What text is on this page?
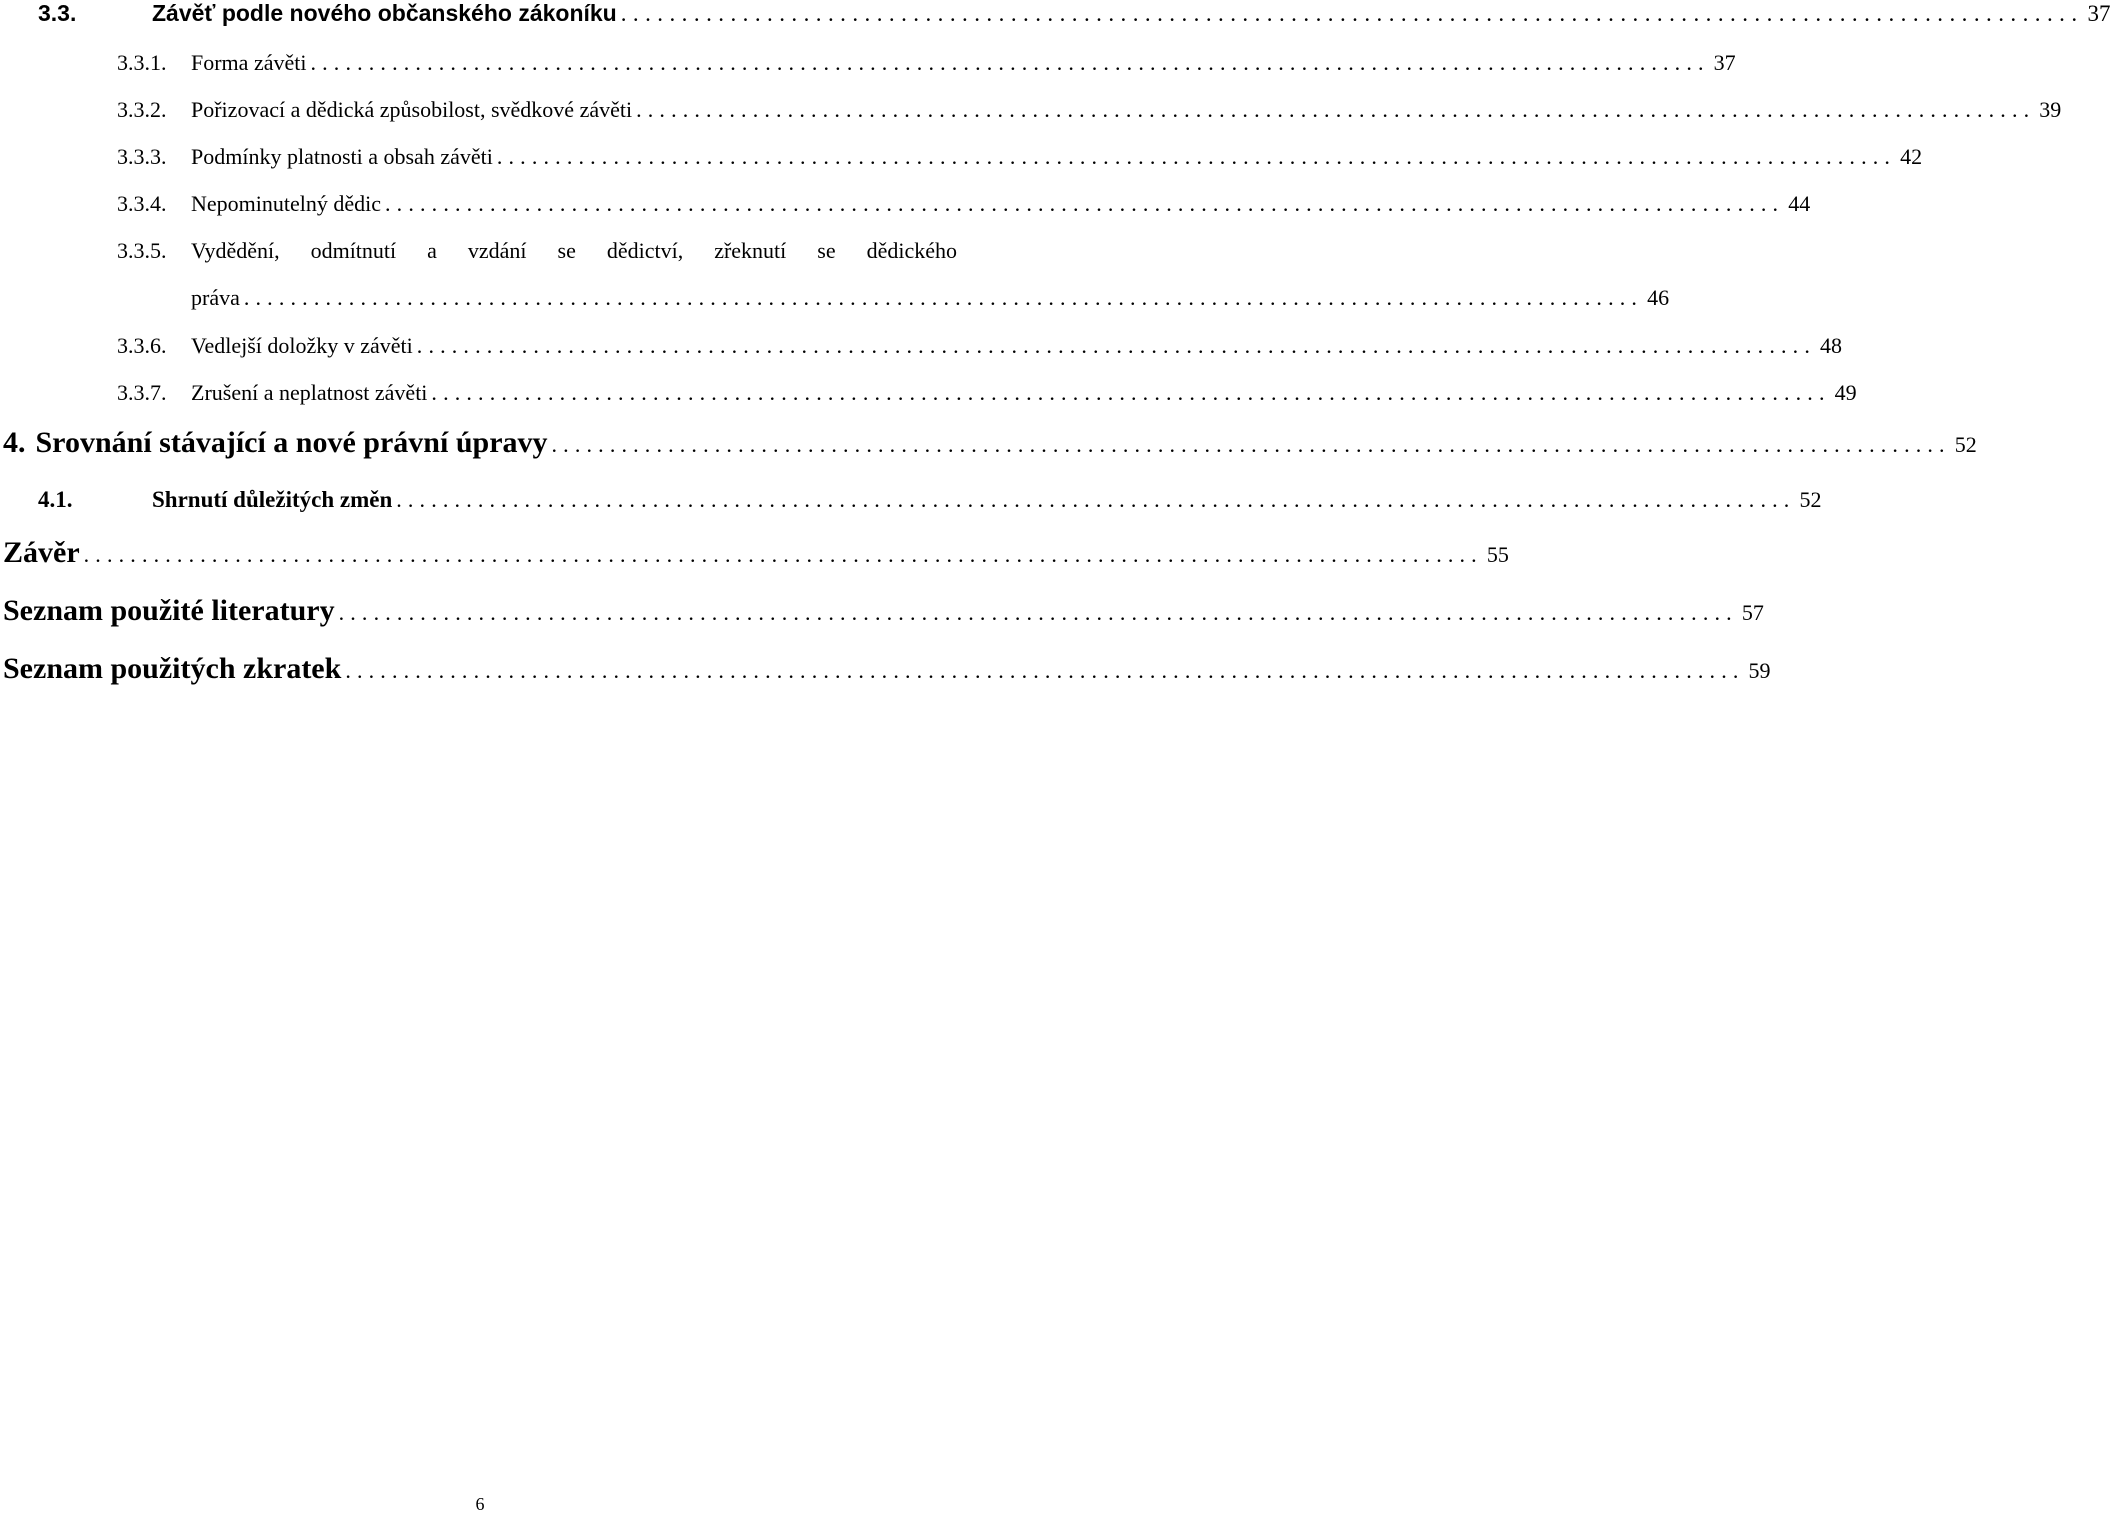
3.3.	Závěť podle nového občanského zákoníku ........................................................................................................................ 37
3.3.1.	Forma závěti ........................................................................................................................ 37
3.3.2.	Pořizovací a dědická způsobilost, svědkové závěti ........................................................................................................................ 39
3.3.3.	Podmínky platnosti a obsah závěti ........................................................................................................................ 42
3.3.4.	Nepominutelný dědic ........................................................................................................................ 44
3.3.5.	Vydědění, odmítnutí a vzdání se dědictví, zřeknutí se dědického
práva ........................................................................................................................ 46
3.3.6.	Vedlejší doložky v závěti ........................................................................................................................ 48
3.3.7.	Zrušení a neplatnost závěti ........................................................................................................................ 49
4. Srovnání stávající a nové právní úpravy ........................................................................................................................ 52
4.1.	Shrnutí důležitých změn ........................................................................................................................ 52
Závěr ........................................................................................................................ 55
Seznam použité literatury ........................................................................................................................ 57
Seznam použitých zkratek ........................................................................................................................ 59
6
